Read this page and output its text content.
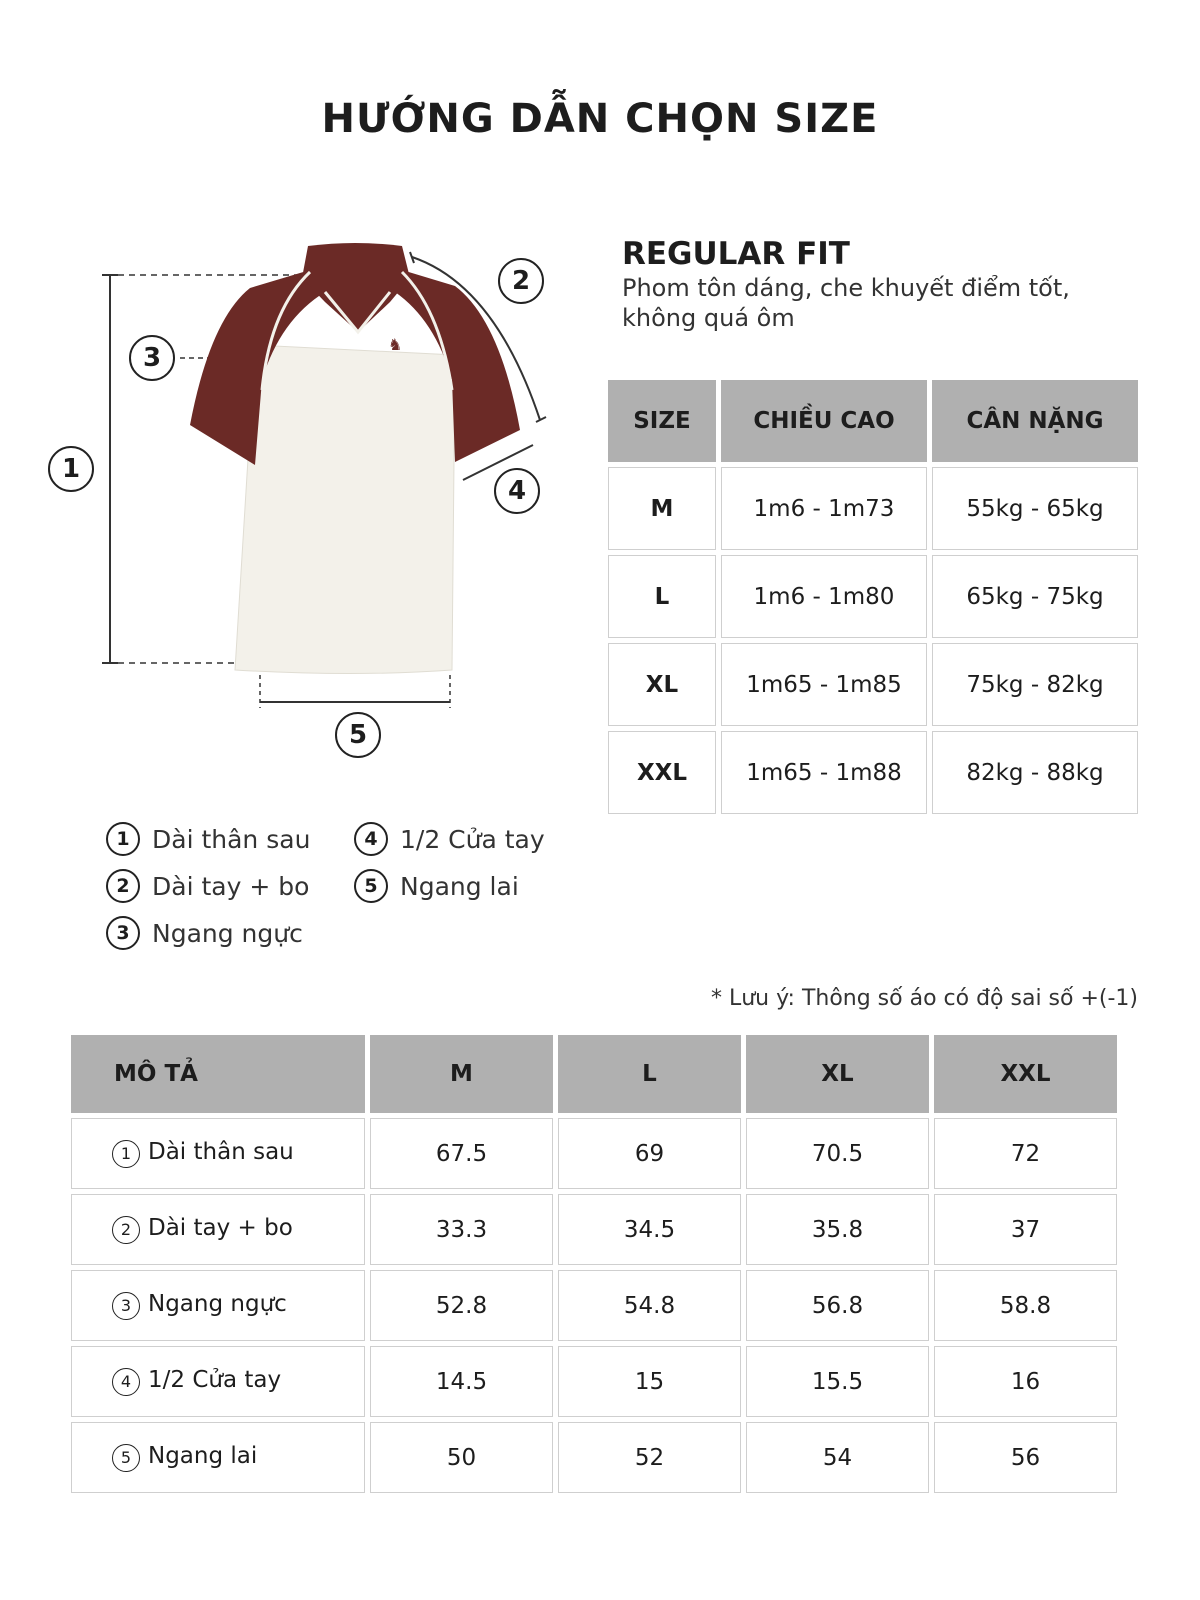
HƯỚNG DẪN CHỌN SIZE
♞
1
2
3
4
5
REGULAR FIT
Phom tôn dáng, che khuyết điểm tốt,
không quá ôm
SIZE	CHIỀU CAO	CÂN NẶNG
M	1m6 - 1m73	55kg - 65kg
L	1m6 - 1m80	65kg - 75kg
XL	1m65 - 1m85	75kg - 82kg
XXL	1m65 - 1m88	82kg - 88kg
1 Dài thân sau
2 Dài tay + bo
3 Ngang ngực
4 1/2 Cửa tay
5 Ngang lai
* Lưu ý: Thông số áo có độ sai số +(-1)
MÔ TẢ	M	L	XL	XXL
1 Dài thân sau	67.5	69	70.5	72
2 Dài tay + bo	33.3	34.5	35.8	37
3 Ngang ngực	52.8	54.8	56.8	58.8
4 1/2 Cửa tay	14.5	15	15.5	16
5 Ngang lai	50	52	54	56
